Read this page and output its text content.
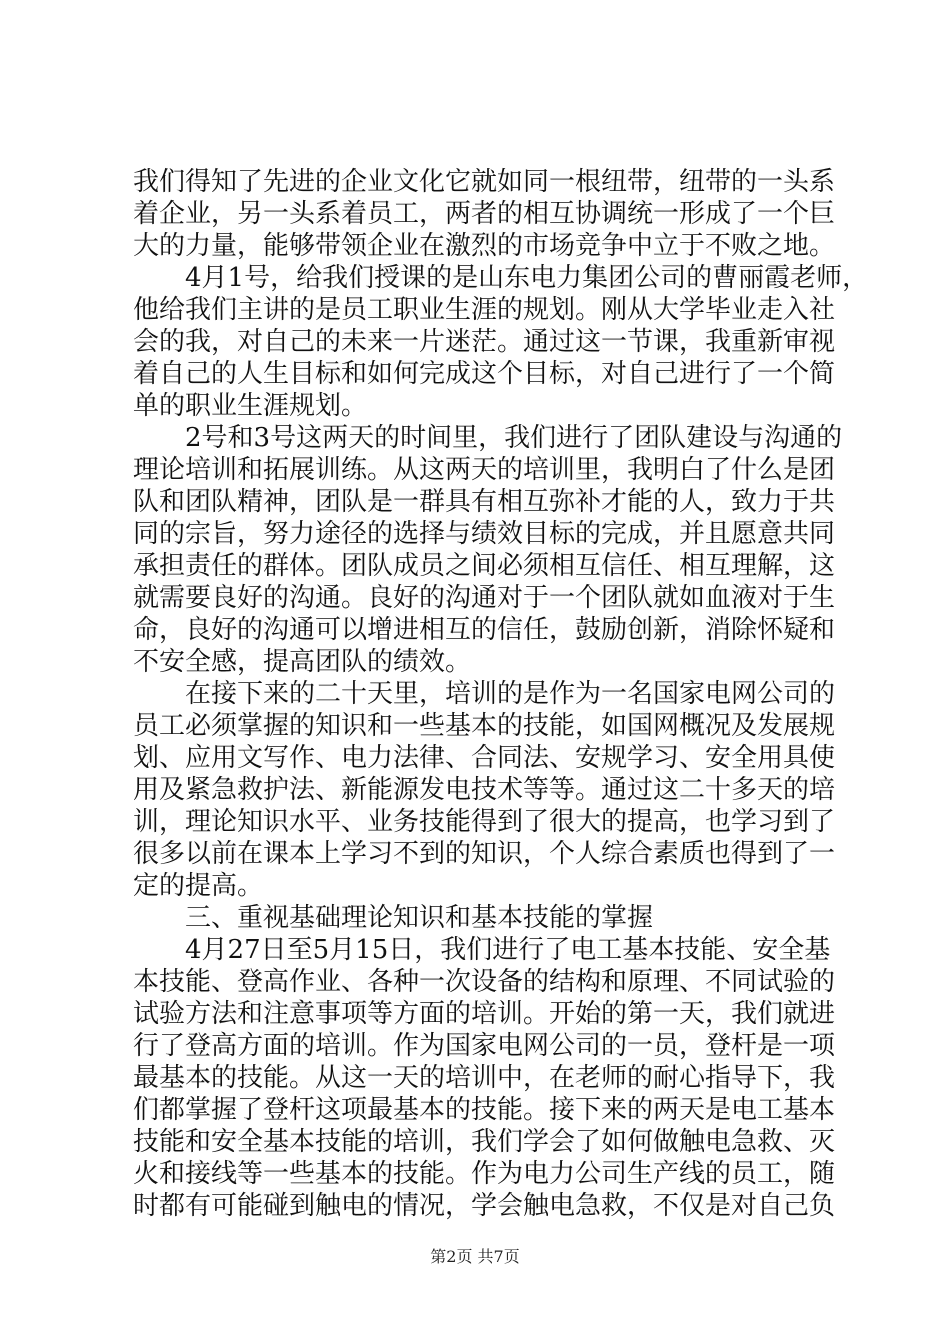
我们得知了先进的企业文化它就如同一根纽带，纽带的一头系
着企业，另一头系着员工，两者的相互协调统一形成了一个巨
大的力量，能够带领企业在激烈的市场竞争中立于不败之地。
4月1号，给我们授课的是山东电力集团公司的曹丽霞老师，
他给我们主讲的是员工职业生涯的规划。刚从大学毕业走入社
会的我，对自己的未来一片迷茫。通过这一节课，我重新审视
着自己的人生目标和如何完成这个目标，对自己进行了一个简
单的职业生涯规划。
2号和3号这两天的时间里，我们进行了团队建设与沟通的
理论培训和拓展训练。从这两天的培训里，我明白了什么是团
队和团队精神，团队是一群具有相互弥补才能的人，致力于共
同的宗旨，努力途径的选择与绩效目标的完成，并且愿意共同
承担责任的群体。团队成员之间必须相互信任、相互理解，这
就需要良好的沟通。良好的沟通对于一个团队就如血液对于生
命，良好的沟通可以增进相互的信任，鼓励创新，消除怀疑和
不安全感，提高团队的绩效。
在接下来的二十天里，培训的是作为一名国家电网公司的
员工必须掌握的知识和一些基本的技能，如国网概况及发展规
划、应用文写作、电力法律、合同法、安规学习、安全用具使
用及紧急救护法、新能源发电技术等等。通过这二十多天的培
训，理论知识水平、业务技能得到了很大的提高，也学习到了
很多以前在课本上学习不到的知识，个人综合素质也得到了一
定的提高。
三、重视基础理论知识和基本技能的掌握
4月27日至5月15日，我们进行了电工基本技能、安全基
本技能、登高作业、各种一次设备的结构和原理、不同试验的
试验方法和注意事项等方面的培训。开始的第一天，我们就进
行了登高方面的培训。作为国家电网公司的一员，登杆是一项
最基本的技能。从这一天的培训中，在老师的耐心指导下，我
们都掌握了登杆这项最基本的技能。接下来的两天是电工基本
技能和安全基本技能的培训，我们学会了如何做触电急救、灭
火和接线等一些基本的技能。作为电力公司生产线的员工，随
时都有可能碰到触电的情况，学会触电急救，不仅是对自己负
第2页 共7页
